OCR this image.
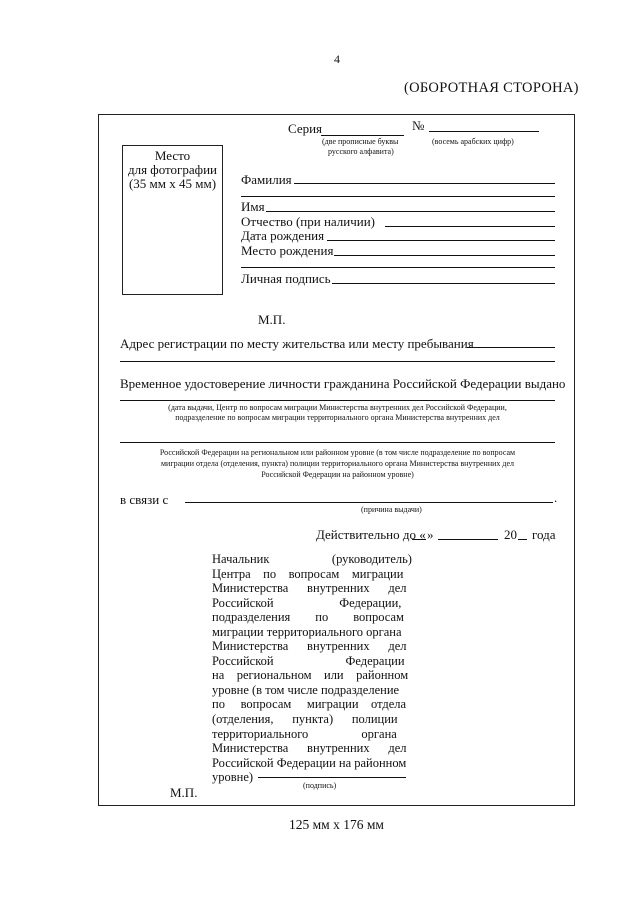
4
(ОБОРОТНАЯ СТОРОНА)
Место
для фотографии
(35 мм х 45 мм)
Серия	№
(две прописные буквы
русского алфавита)
(восемь арабских цифр)
Фамилия
Имя
Отчество (при наличии)
Дата рождения
Место рождения
Личная подпись
М.П.
Адрес регистрации по месту жительства или месту пребывания
Временное удостоверение личности гражданина Российской Федерации выдано
(дата выдачи, Центр по вопросам миграции Министерства внутренних дел Российской Федерации,
подразделение по вопросам миграции территориального органа Министерства внутренних дел
Российской Федерации на региональном или районном уровне (в том числе подразделение по вопросам
миграции отдела (отделения, пункта) полиции территориального органа Министерства внутренних дел
Российской Федерации на районном уровне)
в связи с	.
(причина выдачи)
Действительно до « »	20 года

Начальник                    (руководитель)

Центра    по    вопросам    миграции

Министерства      внутренних      дел

Российской                     Федерации,

подразделения        по        вопросам

миграции территориального органа

Министерства      внутренних      дел

Российской                       Федерации

на    региональном    или    районном

уровне (в том числе подразделение

по     вопросам     миграции    отдела

(отделения,      пункта)      полиции

территориального                 органа

Министерства      внутренних      дел

Российской Федерации на районном

уровне)

(подпись)
М.П.
125 мм х 176 мм
